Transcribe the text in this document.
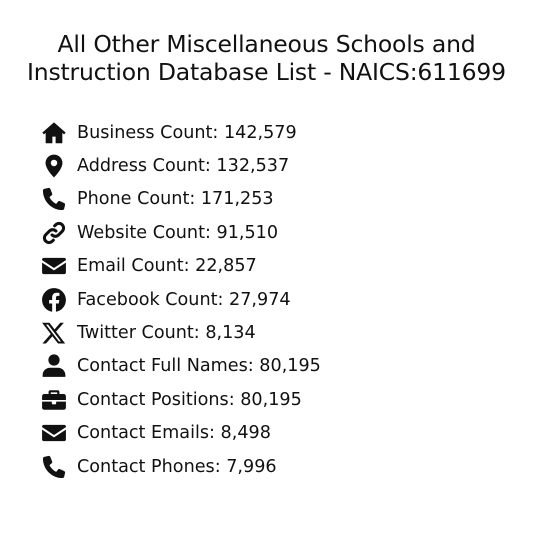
All Other Miscellaneous Schools and
Instruction Database List - NAICS:611699
Business Count: 142,579
Address Count: 132,537
Phone Count: 171,253
Website Count: 91,510
Email Count: 22,857
Facebook Count: 27,974
Twitter Count: 8,134
Contact Full Names: 80,195
Contact Positions: 80,195
Contact Emails: 8,498
Contact Phones: 7,996
